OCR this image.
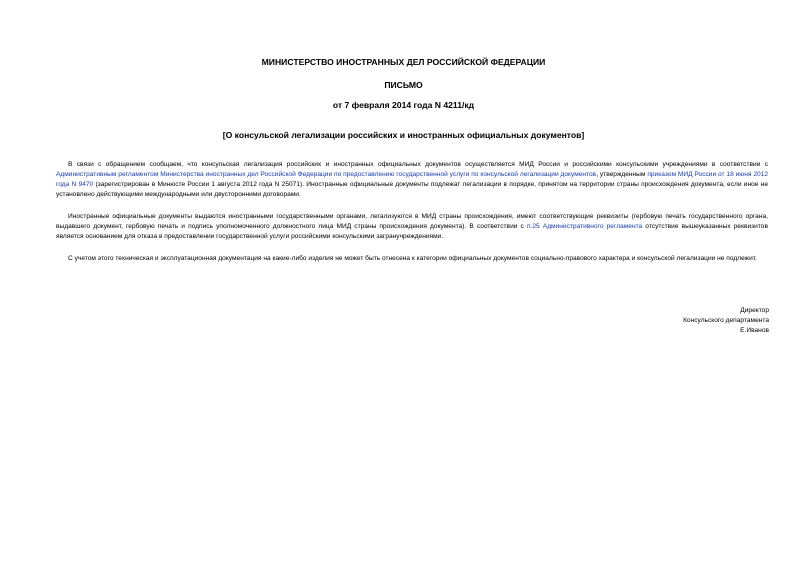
МИНИСТЕРСТВО ИНОСТРАННЫХ ДЕЛ РОССИЙСКОЙ ФЕДЕРАЦИИ
ПИСЬМО
от 7 февраля 2014 года N 4211/кд
[О консульской легализации российских и иностранных официальных документов]

В связи с обращением сообщаем, что консульская легализация российских и иностранных официальных документов осуществляется МИД России и российскими консульскими учреждениями в соответствии с Административным регламентом Министерства иностранных дел Российской Федерации по предоставлению государственной услуги по консульской легализации документов, утвержденным приказом МИД России от 18 июня 2012 года N 9470 (зарегистрирован в Минюсте России 1 августа 2012 года N 25071). Иностранные официальные документы подлежат легализации в порядке, принятом на территории страны происхождения документа, если иное не установлено действующими международными или двусторонними договорами.

Иностранные официальные документы выдаются иностранными государственными органами, легализуются в МИД страны происхождения, имеют соответствующие реквизиты (гербовую печать государственного органа, выдавшего документ, гербовую печать и подпись уполномоченного должностного лица МИД страны происхождения документа). В соответствии с п.25 Административного регламента отсутствие вышеуказанных реквизитов является основанием для отказа в предоставлении государственной услуги российскими консульскими загранучреждениями.

С учетом этого техническая и эксплуатационная документация на какие-либо изделия не может быть отнесена к категории официальных документов социально-правового характера и консульской легализации не подлежит.

Директор
Консульского департамента
Е.Иванов
